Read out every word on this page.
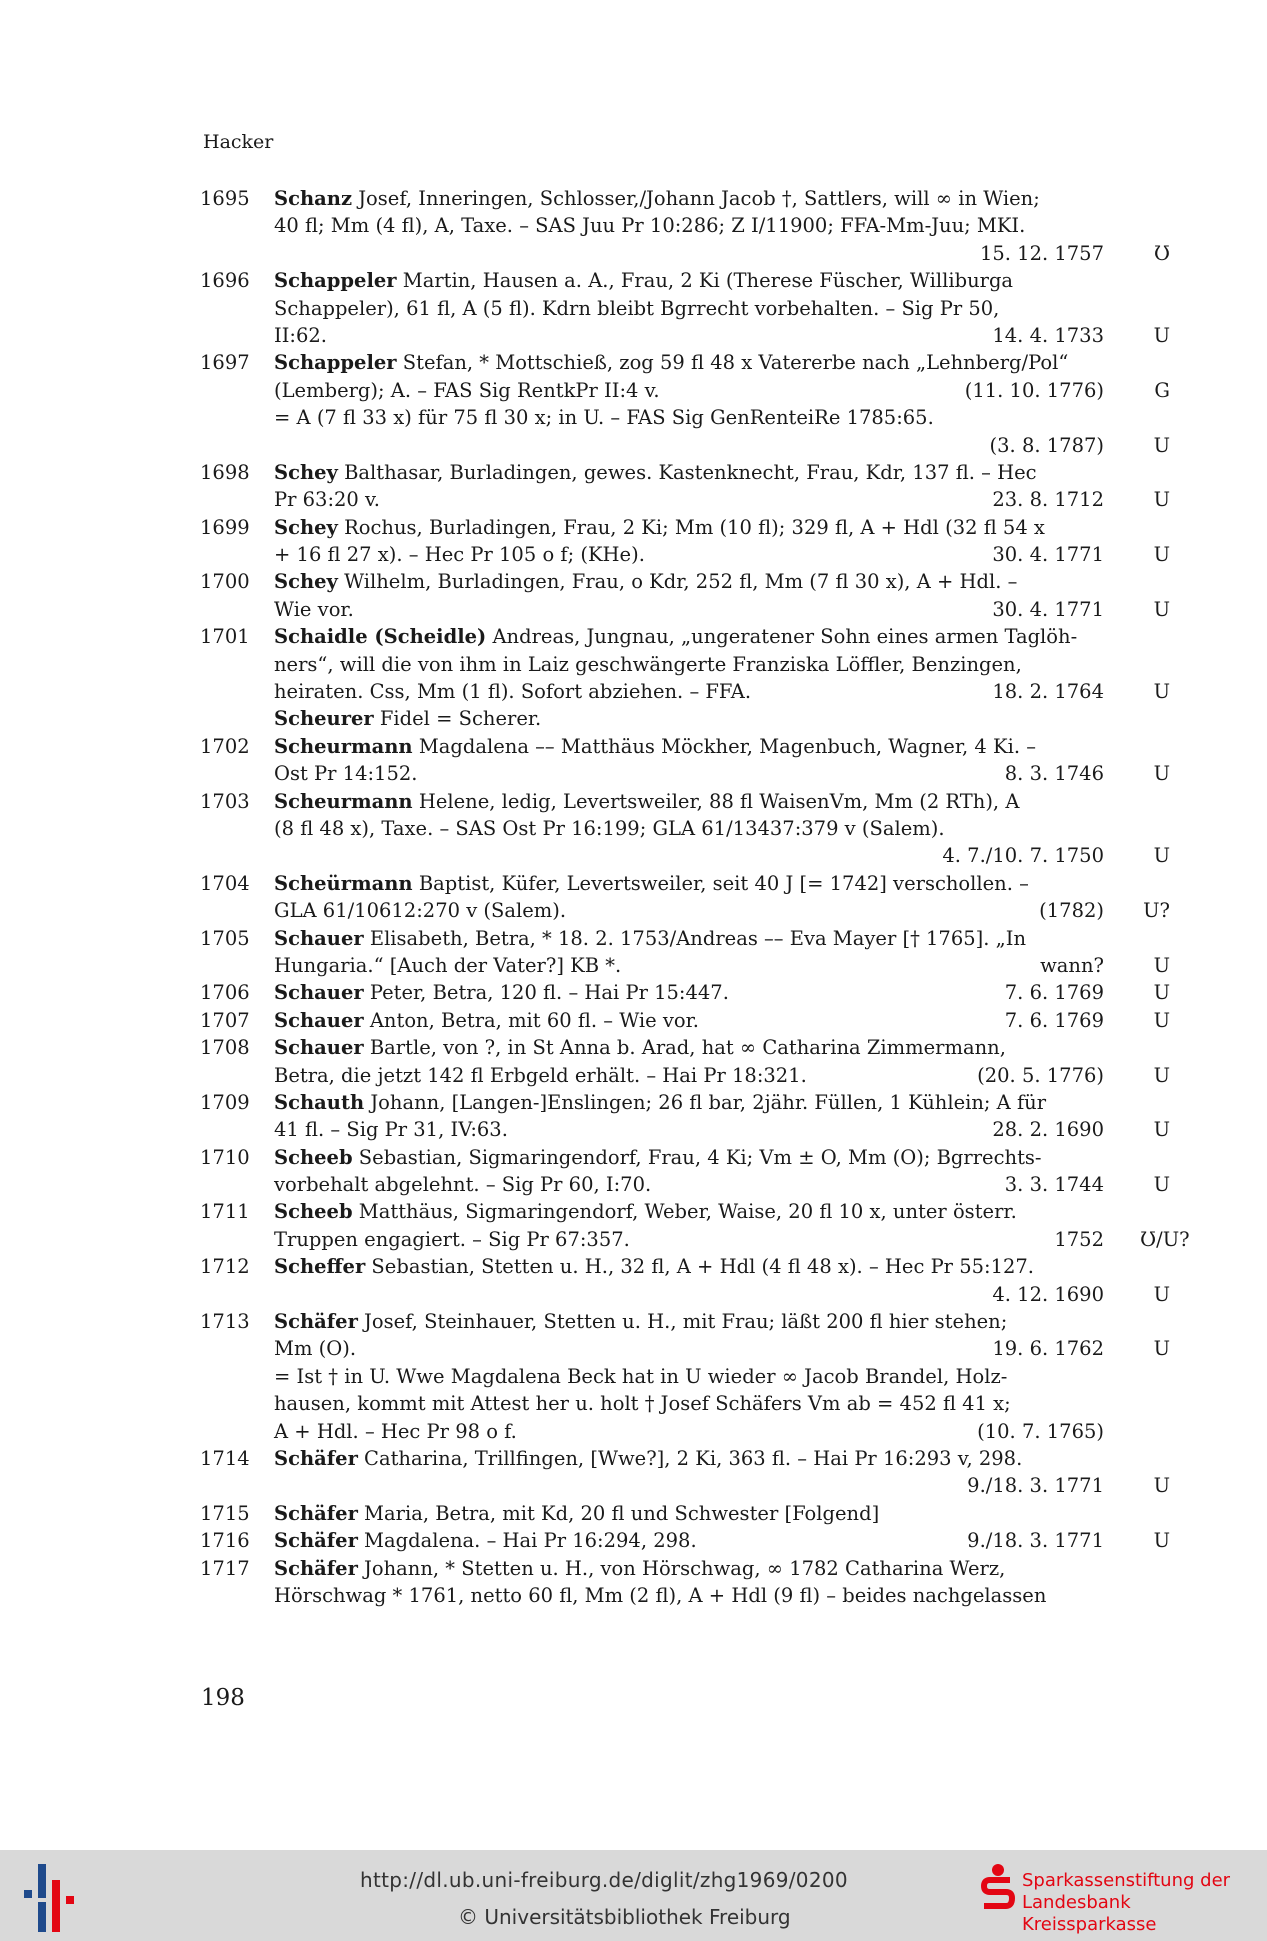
Hacker
1695	Schanz Josef, Inneringen, Schlosser,/Johann Jacob †, Sattlers, will ∞ in Wien;
40 fl; Mm (4 fl), A, Taxe. – SAS Juu Pr 10:286; Z I/11900; FFA-Mm-Juu; MKI.
15. 12. 1757	Ʊ
1696	Schappeler Martin, Hausen a. A., Frau, 2 Ki (Therese Füscher, Williburga
Schappeler), 61 fl, A (5 fl). Kdrn bleibt Bgrrecht vorbehalten. – Sig Pr 50,
II:62.	14. 4. 1733	U
1697	Schappeler Stefan, * Mottschieß, zog 59 fl 48 x Vatererbe nach „Lehnberg/Pol“
(Lemberg); A. – FAS Sig RentkPr II:4 v.	(11. 10. 1776)	G
= A (7 fl 33 x) für 75 fl 30 x; in U. – FAS Sig GenRenteiRe 1785:65.
(3. 8. 1787)	U
1698	Schey Balthasar, Burladingen, gewes. Kastenknecht, Frau, Kdr, 137 fl. – Hec
Pr 63:20 v.	23. 8. 1712	U
1699	Schey Rochus, Burladingen, Frau, 2 Ki; Mm (10 fl); 329 fl, A + Hdl (32 fl 54 x
+ 16 fl 27 x). – Hec Pr 105 o f; (KHe).	30. 4. 1771	U
1700	Schey Wilhelm, Burladingen, Frau, o Kdr, 252 fl, Mm (7 fl 30 x), A + Hdl. –
Wie vor.	30. 4. 1771	U
1701	Schaidle (Scheidle) Andreas, Jungnau, „ungeratener Sohn eines armen Taglöh-
ners“, will die von ihm in Laiz geschwängerte Franziska Löffler, Benzingen,
heiraten. Css, Mm (1 fl). Sofort abziehen. – FFA.	18. 2. 1764	U
Scheurer Fidel = Scherer.
1702	Scheurmann Magdalena –– Matthäus Möckher, Magenbuch, Wagner, 4 Ki. –
Ost Pr 14:152.	8. 3. 1746	U
1703	Scheurmann Helene, ledig, Levertsweiler, 88 fl WaisenVm, Mm (2 RTh), A
(8 fl 48 x), Taxe. – SAS Ost Pr 16:199; GLA 61/13437:379 v (Salem).
4. 7./10. 7. 1750	U
1704	Scheürmann Baptist, Küfer, Levertsweiler, seit 40 J [= 1742] verschollen. –
GLA 61/10612:270 v (Salem).	(1782) U?
1705	Schauer Elisabeth, Betra, * 18. 2. 1753/Andreas –– Eva Mayer [† 1765]. „In
Hungaria.“ [Auch der Vater?] KB *.	wann?	U
1706	Schauer Peter, Betra, 120 fl. – Hai Pr 15:447.	7. 6. 1769	U
1707	Schauer Anton, Betra, mit 60 fl. – Wie vor.	7. 6. 1769	U
1708	Schauer Bartle, von ?, in St Anna b. Arad, hat ∞ Catharina Zimmermann,
Betra, die jetzt 142 fl Erbgeld erhält. – Hai Pr 18:321.	(20. 5. 1776)	U
1709	Schauth Johann, [Langen-]Enslingen; 26 fl bar, 2jähr. Füllen, 1 Kühlein; A für
41 fl. – Sig Pr 31, IV:63.	28. 2. 1690	U
1710	Scheeb Sebastian, Sigmaringendorf, Frau, 4 Ki; Vm ± O, Mm (O); Bgrrechts-
vorbehalt abgelehnt. – Sig Pr 60, I:70.	3. 3. 1744	U
1711	Scheeb Matthäus, Sigmaringendorf, Weber, Waise, 20 fl 10 x, unter österr.
Truppen engagiert. – Sig Pr 67:357.	1752 Ʊ/U?
1712	Scheffer Sebastian, Stetten u. H., 32 fl, A + Hdl (4 fl 48 x). – Hec Pr 55:127.
4. 12. 1690	U
1713	Schäfer Josef, Steinhauer, Stetten u. H., mit Frau; läßt 200 fl hier stehen;
Mm (O).	19. 6. 1762	U
= Ist † in U. Wwe Magdalena Beck hat in U wieder ∞ Jacob Brandel, Holz-
hausen, kommt mit Attest her u. holt † Josef Schäfers Vm ab = 452 fl 41 x;
A + Hdl. – Hec Pr 98 o f.	(10. 7. 1765)
1714	Schäfer Catharina, Trillfingen, [Wwe?], 2 Ki, 363 fl. – Hai Pr 16:293 v, 298.
9./18. 3. 1771	U
1715	Schäfer Maria, Betra, mit Kd, 20 fl und Schwester [Folgend]
1716	Schäfer Magdalena. – Hai Pr 16:294, 298.	9./18. 3. 1771	U
1717	Schäfer Johann, * Stetten u. H., von Hörschwag, ∞ 1782 Catharina Werz,
Hörschwag * 1761, netto 60 fl, Mm (2 fl), A + Hdl (9 fl) – beides nachgelassen
198
http://dl.ub.uni-freiburg.de/diglit/zhg1969/0200
© Universitätsbibliothek Freiburg
Sparkassenstiftung der
Landesbank Kreissparkasse
